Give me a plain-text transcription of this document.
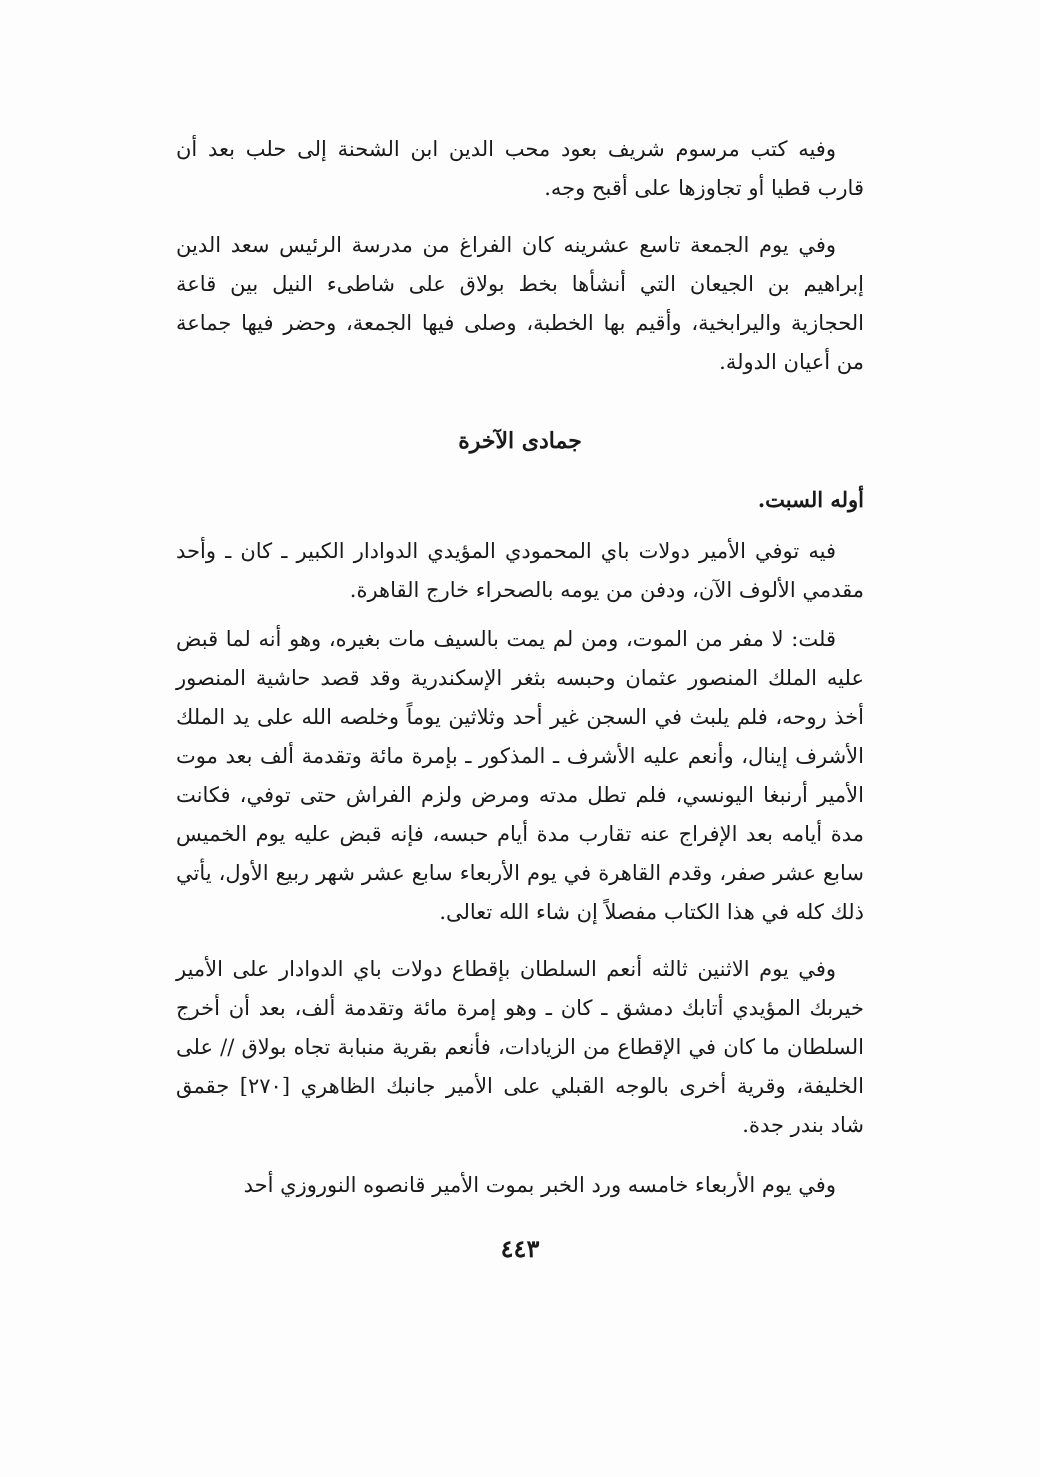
وفيه كتب مرسوم شريف بعود محب الدين ابن الشحنة إلى حلب بعد أن قارب قطيا أو تجاوزها على أقبح وجه.

وفي يوم الجمعة تاسع عشرينه كان الفراغ من مدرسة الرئيس سعد الدين إبراهيم بن الجيعان التي أنشأها بخط بولاق على شاطىء النيل بين قاعة الحجازية واليرابخية، وأقيم بها الخطبة، وصلى فيها الجمعة، وحضر فيها جماعة من أعيان الدولة.

جمادى الآخرة

أوله السبت.

فيه توفي الأمير دولات باي المحمودي المؤيدي الدوادار الكبير ـ كان ـ وأحد مقدمي الألوف الآن، ودفن من يومه بالصحراء خارج القاهرة.

قلت: لا مفر من الموت، ومن لم يمت بالسيف مات بغيره، وهو أنه لما قبض عليه الملك المنصور عثمان وحبسه بثغر الإسكندرية وقد قصد حاشية المنصور أخذ روحه، فلم يلبث في السجن غير أحد وثلاثين يوماً وخلصه الله على يد الملك الأشرف إينال، وأنعم عليه الأشرف ـ المذكور ـ بإمرة مائة وتقدمة ألف بعد موت الأمير أرنبغا اليونسي، فلم تطل مدته ومرض ولزم الفراش حتى توفي، فكانت مدة أيامه بعد الإفراج عنه تقارب مدة أيام حبسه، فإنه قبض عليه يوم الخميس سابع عشر صفر، وقدم القاهرة في يوم الأربعاء سابع عشر شهر ربيع الأول، يأتي ذلك كله في هذا الكتاب مفصلاً إن شاء الله تعالى.

وفي يوم الاثنين ثالثه أنعم السلطان بإقطاع دولات باي الدوادار على الأمير خيربك المؤيدي أتابك دمشق ـ كان ـ وهو إمرة مائة وتقدمة ألف، بعد أن أخرج السلطان ما كان في الإقطاع من الزيادات، فأنعم بقرية منبابة تجاه بولاق // على الخليفة، وقرية أخرى بالوجه القبلي على الأمير جانبك الظاهري [٢٧٠] جقمق شاد بندر جدة.

وفي يوم الأربعاء خامسه ورد الخبر بموت الأمير قانصوه النوروزي أحد

٤٤٣
